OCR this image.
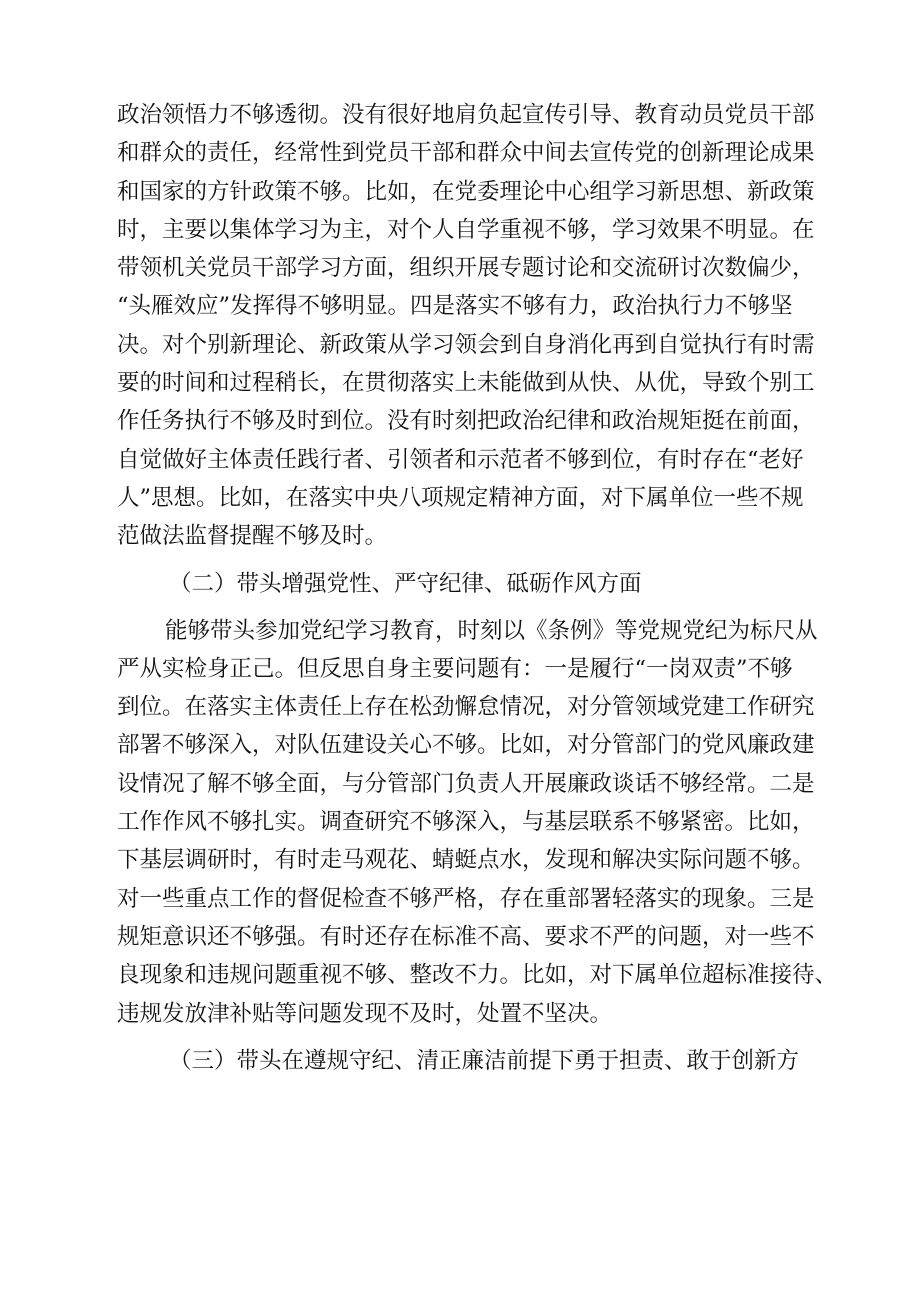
政治领悟力不够透彻。没有很好地肩负起宣传引导、教育动员党员干部
和群众的责任，经常性到党员干部和群众中间去宣传党的创新理论成果
和国家的方针政策不够。比如，在党委理论中心组学习新思想、新政策
时，主要以集体学习为主，对个人自学重视不够，学习效果不明显。在
带领机关党员干部学习方面，组织开展专题讨论和交流研讨次数偏少，
“头雁效应”发挥得不够明显。四是落实不够有力，政治执行力不够坚
决。对个别新理论、新政策从学习领会到自身消化再到自觉执行有时需
要的时间和过程稍长，在贯彻落实上未能做到从快、从优，导致个别工
作任务执行不够及时到位。没有时刻把政治纪律和政治规矩挺在前面，
自觉做好主体责任践行者、引领者和示范者不够到位，有时存在“老好
人”思想。比如，在落实中央八项规定精神方面，对下属单位一些不规
范做法监督提醒不够及时。
（二）带头增强党性、严守纪律、砥砺作风方面
能够带头参加党纪学习教育，时刻以《条例》等党规党纪为标尺从
严从实检身正己。但反思自身主要问题有：一是履行“一岗双责”不够
到位。在落实主体责任上存在松劲懈怠情况，对分管领域党建工作研究
部署不够深入，对队伍建设关心不够。比如，对分管部门的党风廉政建
设情况了解不够全面，与分管部门负责人开展廉政谈话不够经常。二是
工作作风不够扎实。调查研究不够深入，与基层联系不够紧密。比如，
下基层调研时，有时走马观花、蜻蜓点水，发现和解决实际问题不够。
对一些重点工作的督促检查不够严格，存在重部署轻落实的现象。三是
规矩意识还不够强。有时还存在标准不高、要求不严的问题，对一些不
良现象和违规问题重视不够、整改不力。比如，对下属单位超标准接待、
违规发放津补贴等问题发现不及时，处置不坚决。
（三）带头在遵规守纪、清正廉洁前提下勇于担责、敢于创新方
